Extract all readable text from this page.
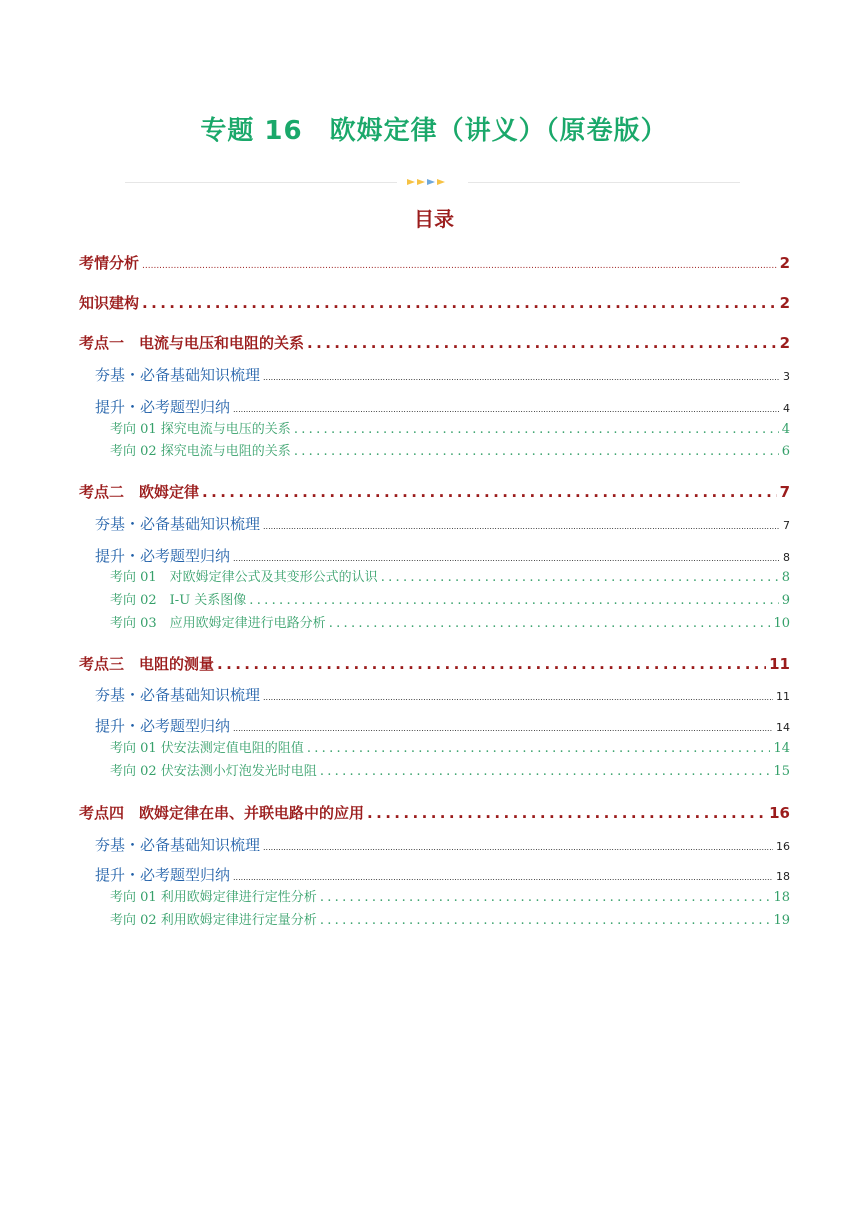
专题 16　欧姆定律（讲义）（原卷版）
目录
考情分析 .....	2
知识建构 .....	2
考点一　电流与电压和电阻的关系 .....	2
夯基・必备基础知识梳理 .....	3
提升・必考题型归纳 .....	4
考向 01 探究电流与电压的关系 .....	4
考向 02 探究电流与电阻的关系 .....	6
考点二　欧姆定律 .....	7
夯基・必备基础知识梳理 .....	7
提升・必考题型归纳 .....	8
考向 01　对欧姆定律公式及其变形公式的认识 .....	8
考向 02　I-U 关系图像 .....	9
考向 03　应用欧姆定律进行电路分析 .....	10
考点三　电阻的测量 .....	11
夯基・必备基础知识梳理 .....	11
提升・必考题型归纳 .....	14
考向 01 伏安法测定值电阻的阻值 .....	14
考向 02 伏安法测小灯泡发光时电阻 .....	15
考点四　欧姆定律在串、并联电路中的应用 .....	16
夯基・必备基础知识梳理 .....	16
提升・必考题型归纳 .....	18
考向 01 利用欧姆定律进行定性分析 .....	18
考向 02 利用欧姆定律进行定量分析 .....	19
